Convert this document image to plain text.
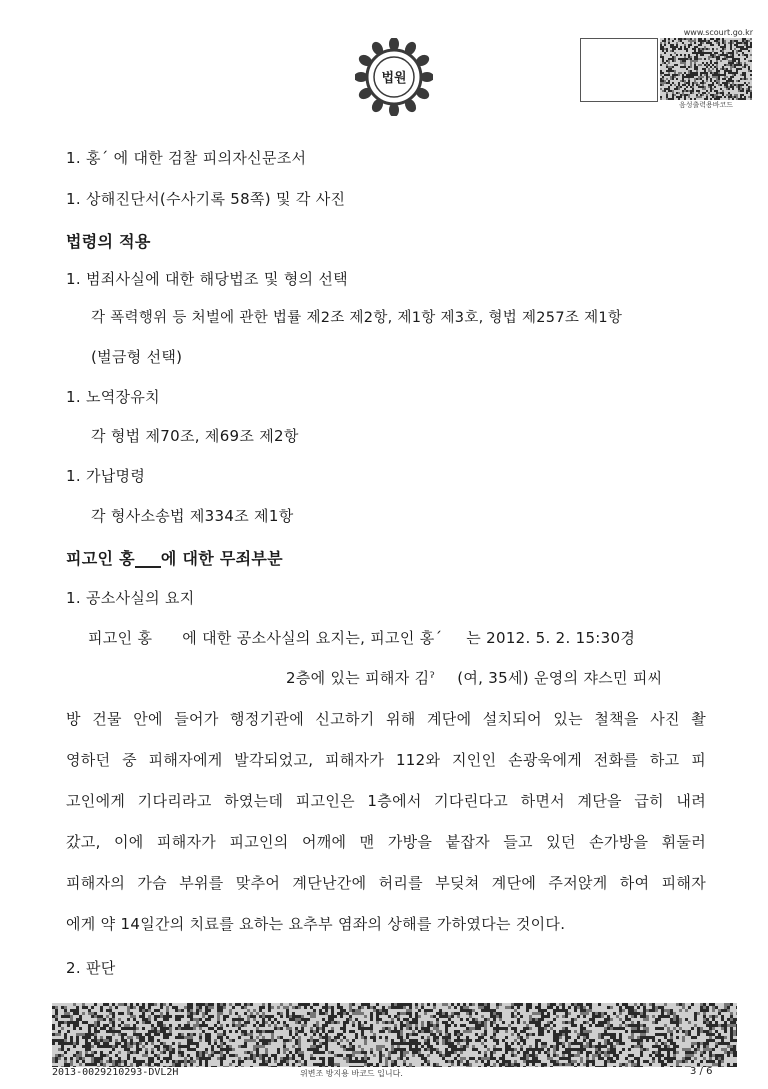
법원
www.scourt.go.kr
음성출력용바코드
1. 홍ˊ 에 대한 검찰 피의자신문조서
1. 상해진단서(수사기록 58쪽) 및 각 사진
법령의 적용
1. 범죄사실에 대한 해당법조 및 형의 선택
각 폭력행위 등 처벌에 관한 법률 제2조 제2항, 제1항 제3호, 형법 제257조 제1항
(벌금형 선택)
1. 노역장유치
각 형법 제70조, 제69조 제2항
1. 가납명령
각 형사소송법 제334조 제1항
피고인 홍 에 대한 무죄부분
1. 공소사실의 요지
피고인 홍 에 대한 공소사실의 요지는, 피고인 홍ˊ 는 2012. 5. 2. 15:30경
2층에 있는 피해자 김ˀ (여, 35세) 운영의 쟈스민 피씨
방 건물 안에 들어가 행정기관에 신고하기 위해 계단에 설치되어 있는 철책을 사진 촬
영하던 중 피해자에게 발각되었고, 피해자가 112와 지인인 손광욱에게 전화를 하고 피
고인에게 기다리라고 하였는데 피고인은 1층에서 기다린다고 하면서 계단을 급히 내려
갔고, 이에 피해자가 피고인의 어깨에 맨 가방을 붙잡자 들고 있던 손가방을 휘둘러
피해자의 가슴 부위를 맞추어 계단난간에 허리를 부딪쳐 계단에 주저앉게 하여 피해자
에게 약 14일간의 치료를 요하는 요추부 염좌의 상해를 가하였다는 것이다.
2. 판단
2013-0029210293-DVL2H	위변조 방지용 바코드 입니다.	3 / 6
